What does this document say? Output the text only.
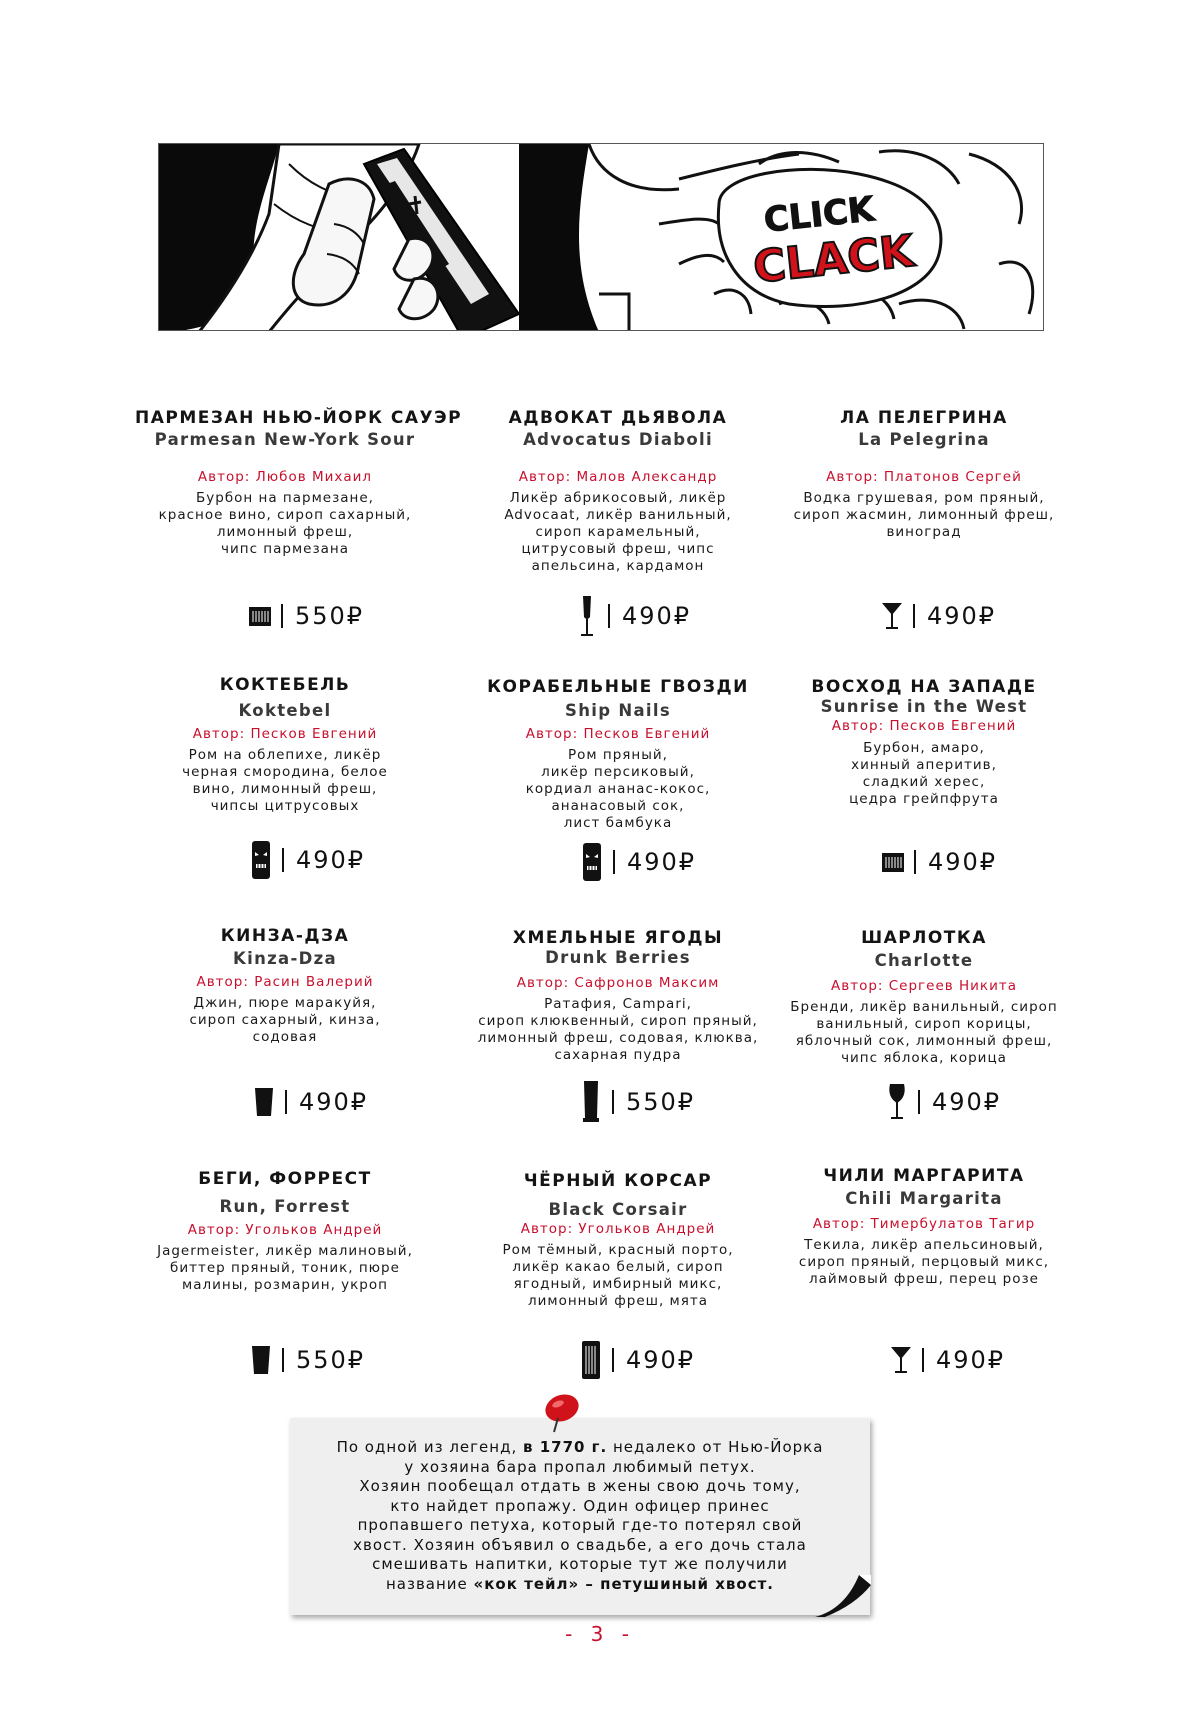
CLICK
CLACK
ПАРМЕЗАН НЬЮ-ЙОРК САУЭР
Parmesan New-York Sour
Автор: Любов Михаил
Бурбон на пармезане,
красное вино, сироп сахарный,
лимонный фреш,
чипс пармезана
550₽
АДВОКАТ ДЬЯВОЛА
Advocatus Diaboli
Автор: Малов Александр
Ликёр абрикосовый, ликёр
Advocaat, ликёр ванильный,
сироп карамельный,
цитрусовый фреш, чипс
апельсина, кардамон
490₽
ЛА ПЕЛЕГРИНА
La Pelegrina
Автор: Платонов Сергей
Водка грушевая, ром пряный,
сироп жасмин, лимонный фреш,
виноград
490₽
КОКТЕБЕЛЬ
Koktebel
Автор: Песков Евгений
Ром на облепихе, ликёр
черная смородина, белое
вино, лимонный фреш,
чипсы цитрусовых
490₽
КОРАБЕЛЬНЫЕ ГВОЗДИ
Ship Nails
Автор: Песков Евгений
Ром пряный,
ликёр персиковый,
кордиал ананас-кокос,
ананасовый сок,
лист бамбука
490₽
ВОСХОД НА ЗАПАДЕ
Sunrise in the West
Автор: Песков Евгений
Бурбон, амаро,
хинный аперитив,
сладкий херес,
цедра грейпфрута
490₽
КИНЗА-ДЗА
Kinza-Dza
Автор: Расин Валерий
Джин, пюре маракуйя,
сироп сахарный, кинза,
содовая
490₽
ХМЕЛЬНЫЕ ЯГОДЫ
Drunk Berries
Автор: Сафронов Максим
Ратафия, Campari,
сироп клюквенный, сироп пряный,
лимонный фреш, содовая, клюква,
сахарная пудра
550₽
ШАРЛОТКА
Charlotte
Автор: Сергеев Никита
Бренди, ликёр ванильный, сироп
ванильный, сироп корицы,
яблочный сок, лимонный фреш,
чипс яблока, корица
490₽
БЕГИ, ФОРРЕСТ
Run, Forrest
Автор: Угольков Андрей
Jagermeister, ликёр малиновый,
биттер пряный, тоник, пюре
малины, розмарин, укроп
550₽
ЧЁРНЫЙ КОРСАР
Black Corsair
Автор: Угольков Андрей
Ром тёмный, красный порто,
ликёр какао белый, сироп
ягодный, имбирный микс,
лимонный фреш, мята
490₽
ЧИЛИ МАРГАРИТА
Chili Margarita
Автор: Тимербулатов Тагир
Текила, ликёр апельсиновый,
сироп пряный, перцовый микс,
лаймовый фреш, перец розе
490₽
По одной из легенд, в 1770 г. недалеко от Нью-Йорка
у хозяина бара пропал любимый петух.
Хозяин пообещал отдать в жены свою дочь тому,
кто найдет пропажу. Один офицер принес
пропавшего петуха, который где-то потерял свой
хвост. Хозяин объявил о свадьбе, а его дочь стала
смешивать напитки, которые тут же получили
название «кок тейл» – петушиный хвост.
- 3 -
